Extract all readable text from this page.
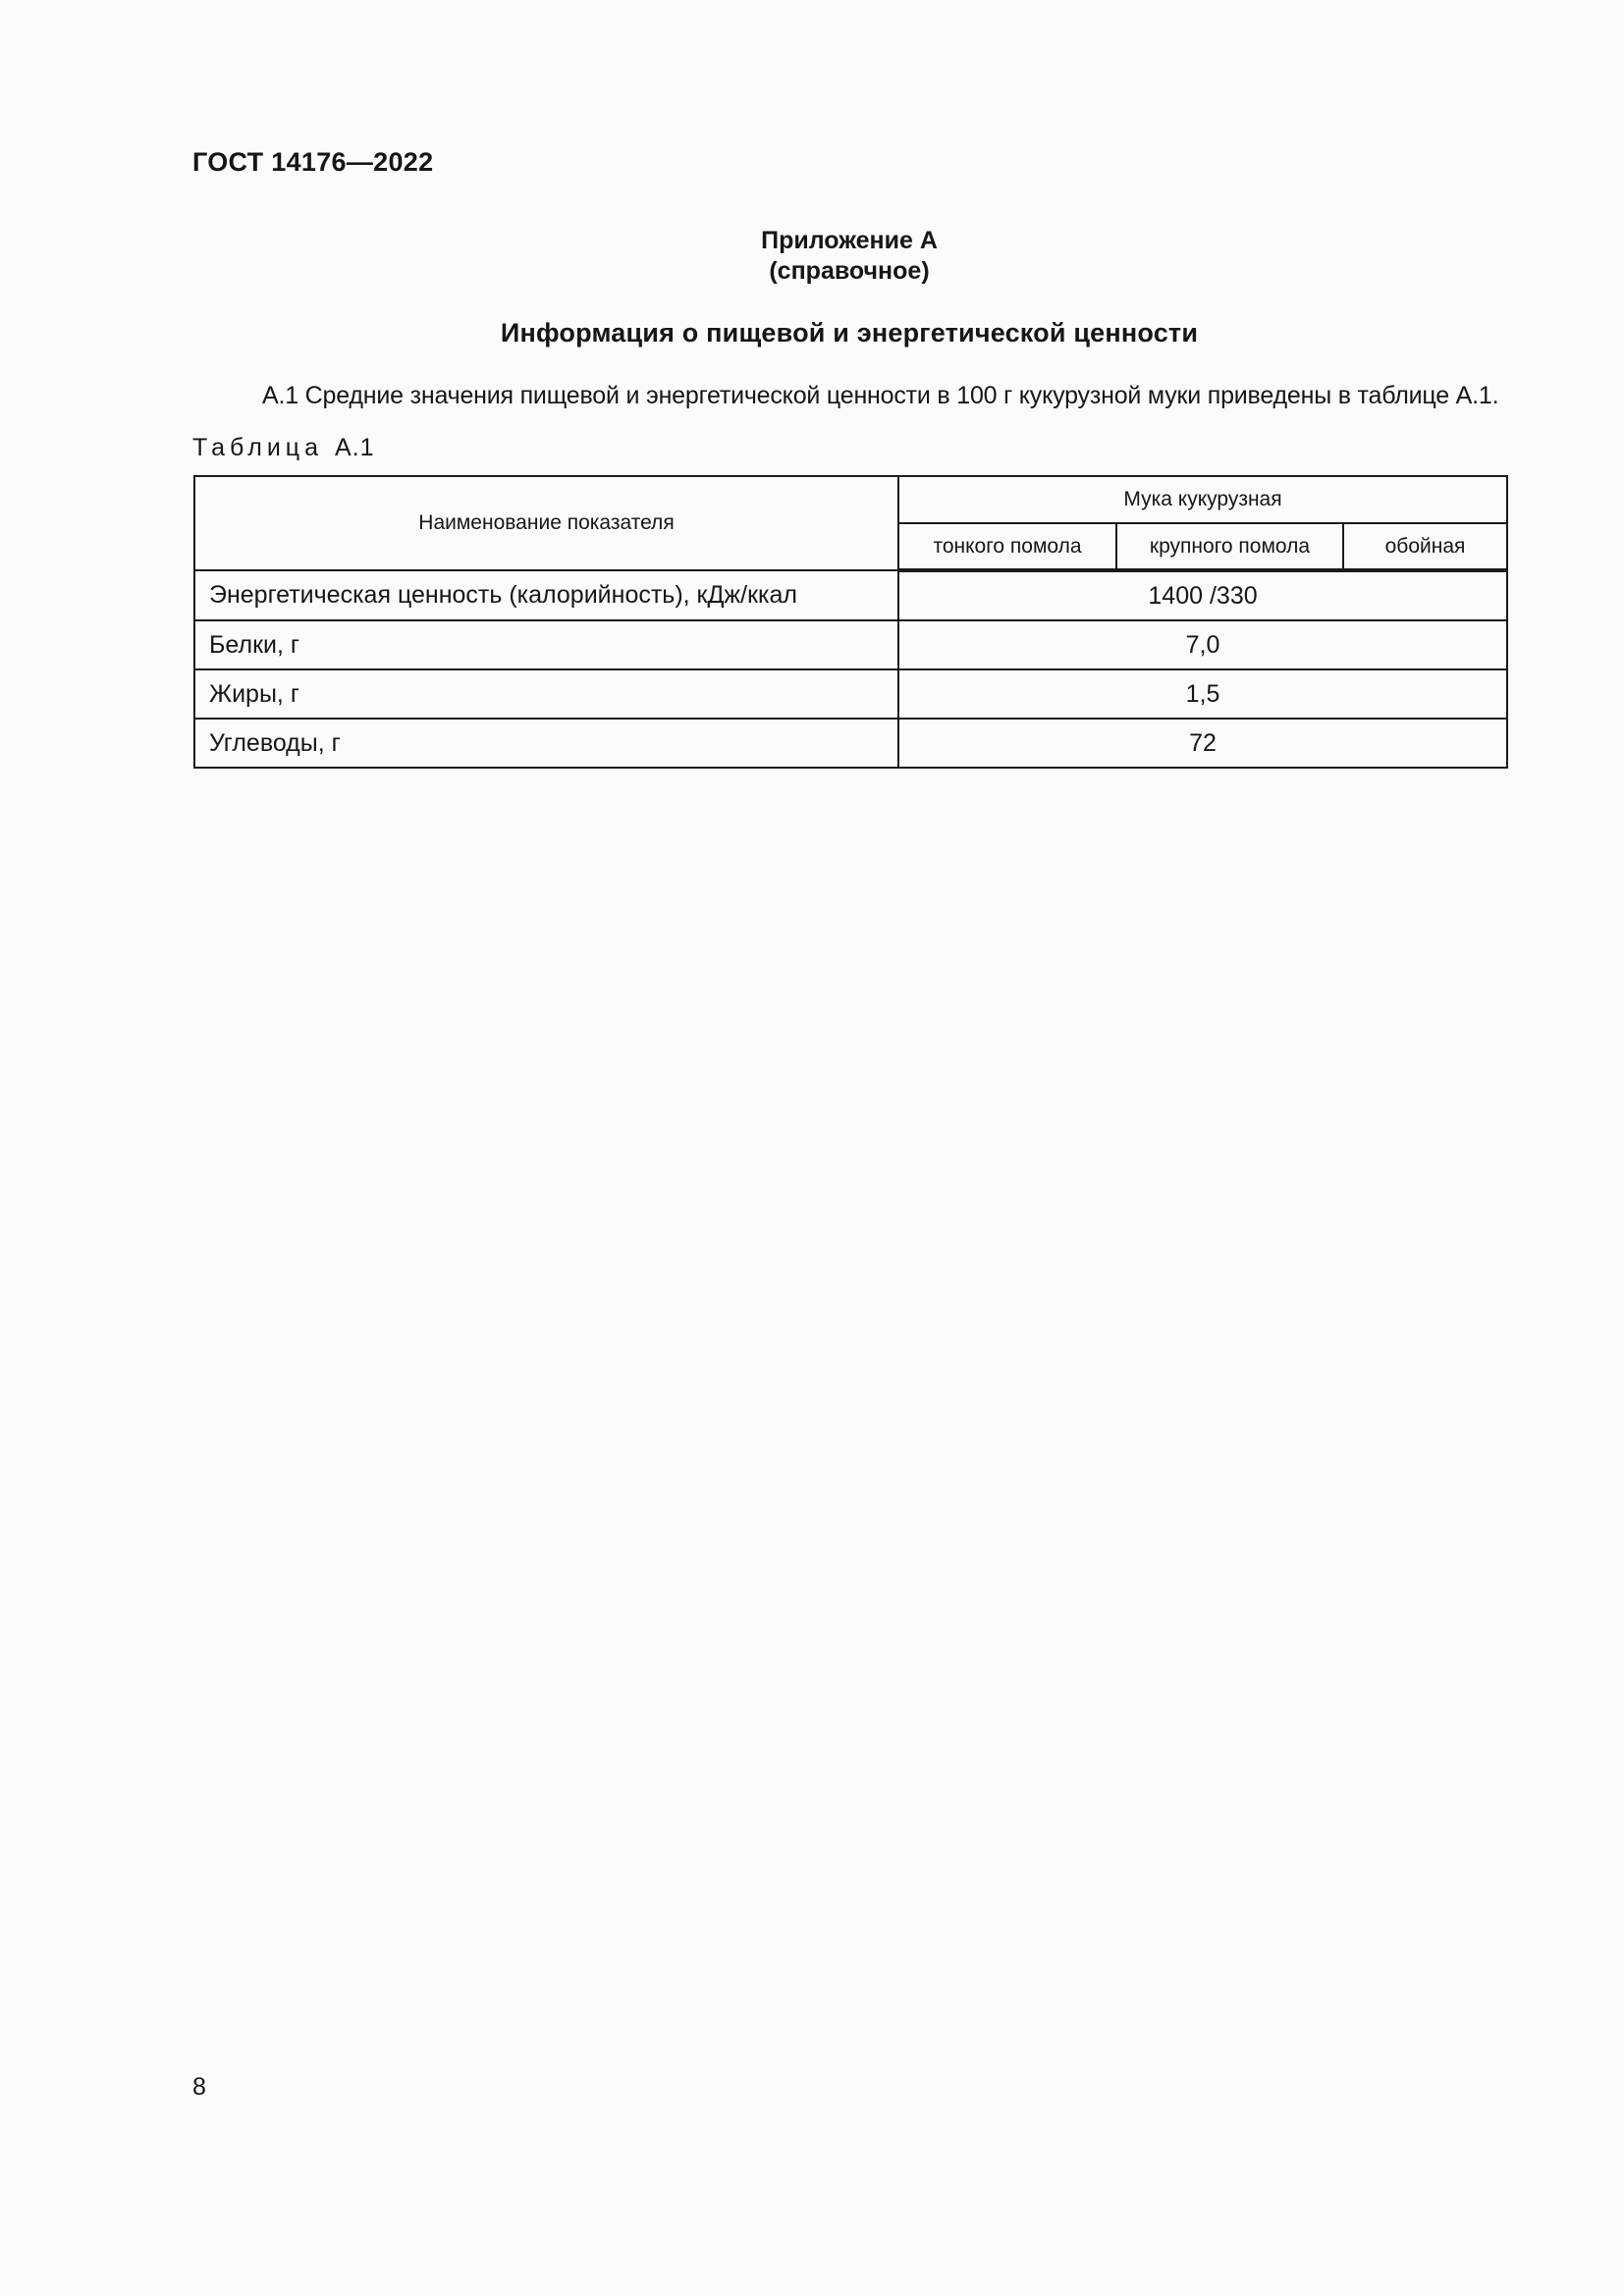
ГОСТ 14176—2022
Приложение А
(справочное)
Информация о пищевой и энергетической ценности
А.1 Средние значения пищевой и энергетической ценности в 100 г кукурузной муки приведены в таблице А.1.
Таблица А.1
Наименование показателя	Мука кукурузная		
	тонкого помола	крупного помола	обойная
Энергетическая ценность (калорийность), кДж/ккал	1400 /330		
Белки, г	7,0		
Жиры, г	1,5		
Углеводы, г	72		
8
